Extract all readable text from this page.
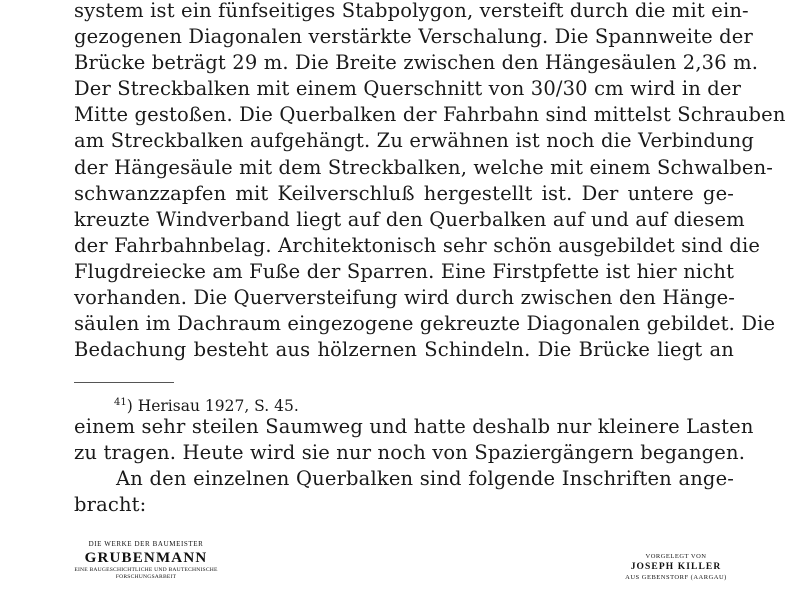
system ist ein fünfseitiges Stabpolygon, versteift durch die mit ein-
gezogenen Diagonalen verstärkte Verschalung. Die Spannweite der
Brücke beträgt 29 m. Die Breite zwischen den Hängesäulen 2,36 m.
Der Streckbalken mit einem Querschnitt von 30/30 cm wird in der
Mitte gestoßen. Die Querbalken der Fahrbahn sind mittelst Schrauben
am Streckbalken aufgehängt. Zu erwähnen ist noch die Verbindung
der Hängesäule mit dem Streckbalken, welche mit einem Schwalben-
schwanzzapfen mit Keilverschluß hergestellt ist. Der untere ge-
kreuzte Windverband liegt auf den Querbalken auf und auf diesem
der Fahrbahnbelag. Architektonisch sehr schön ausgebildet sind die
Flugdreiecke am Fuße der Sparren. Eine Firstpfette ist hier nicht
vorhanden. Die Querversteifung wird durch zwischen den Hänge-
säulen im Dachraum eingezogene gekreuzte Diagonalen gebildet. Die
Bedachung besteht aus hölzernen Schindeln. Die Brücke liegt an
einem sehr steilen Saumweg und hatte deshalb nur kleinere Lasten
zu tragen. Heute wird sie nur noch von Spaziergängern begangen.
An den einzelnen Querbalken sind folgende Inschriften ange-
bracht:
$^{41}$) Herisau 1927, S. 45.
DIE WERKE DER BAUMEISTER
GRUBENMANN
EINE BAUGESCHICHTLICHE UND BAUTECHNISCHE
FORSCHUNGSARBEIT
VORGELEGT VON
JOSEPH KILLER
AUS GEBENSTORF (AARGAU)
